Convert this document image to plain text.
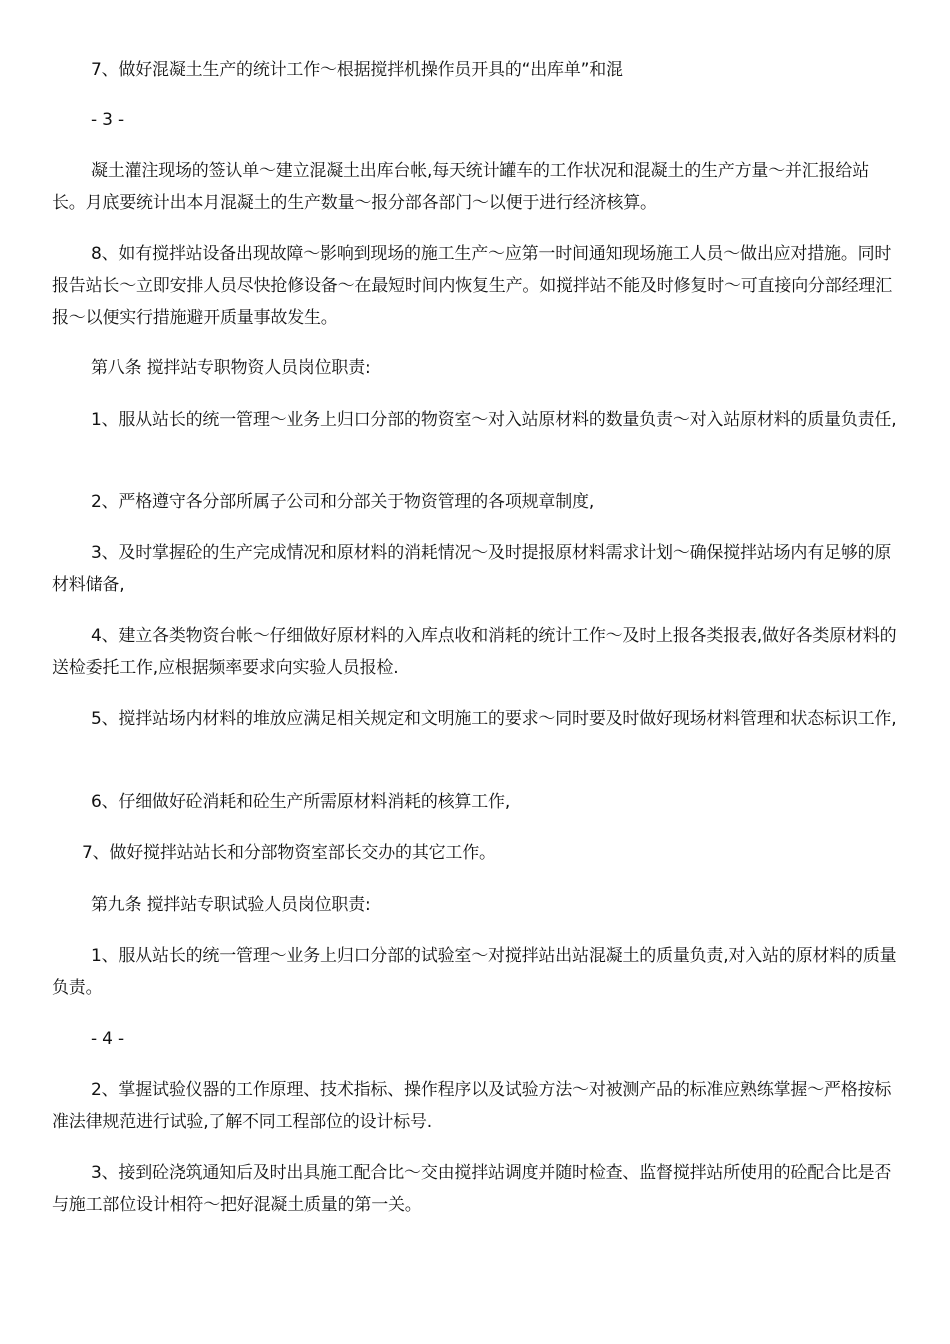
7、做好混凝土生产的统计工作～根据搅拌机操作员开具的“出库单”和混

- 3 -

凝土灌注现场的签认单～建立混凝土出库台帐,每天统计罐车的工作状况和混凝土的生产方量～并汇报给站长。月底要统计出本月混凝土的生产数量～报分部各部门～以便于进行经济核算。

8、如有搅拌站设备出现故障～影响到现场的施工生产～应第一时间通知现场施工人员～做出应对措施。同时报告站长～立即安排人员尽快抢修设备～在最短时间内恢复生产。如搅拌站不能及时修复时～可直接向分部经理汇报～以便实行措施避开质量事故发生。

第八条 搅拌站专职物资人员岗位职责:

1、服从站长的统一管理～业务上归口分部的物资室～对入站原材料的数量负责～对入站原材料的质量负责任,

2、严格遵守各分部所属子公司和分部关于物资管理的各项规章制度,

3、及时掌握砼的生产完成情况和原材料的消耗情况～及时提报原材料需求计划～确保搅拌站场内有足够的原材料储备,

4、建立各类物资台帐～仔细做好原材料的入库点收和消耗的统计工作～及时上报各类报表,做好各类原材料的送检委托工作,应根据频率要求向实验人员报检.

5、搅拌站场内材料的堆放应满足相关规定和文明施工的要求～同时要及时做好现场材料管理和状态标识工作,

6、仔细做好砼消耗和砼生产所需原材料消耗的核算工作,

7、做好搅拌站站长和分部物资室部长交办的其它工作。

第九条 搅拌站专职试验人员岗位职责:

1、服从站长的统一管理～业务上归口分部的试验室～对搅拌站出站混凝土的质量负责,对入站的原材料的质量负责。

- 4 -

2、掌握试验仪器的工作原理、技术指标、操作程序以及试验方法～对被测产品的标准应熟练掌握～严格按标准法律规范进行试验,了解不同工程部位的设计标号.

3、接到砼浇筑通知后及时出具施工配合比～交由搅拌站调度并随时检查、监督搅拌站所使用的砼配合比是否与施工部位设计相符～把好混凝土质量的第一关。
